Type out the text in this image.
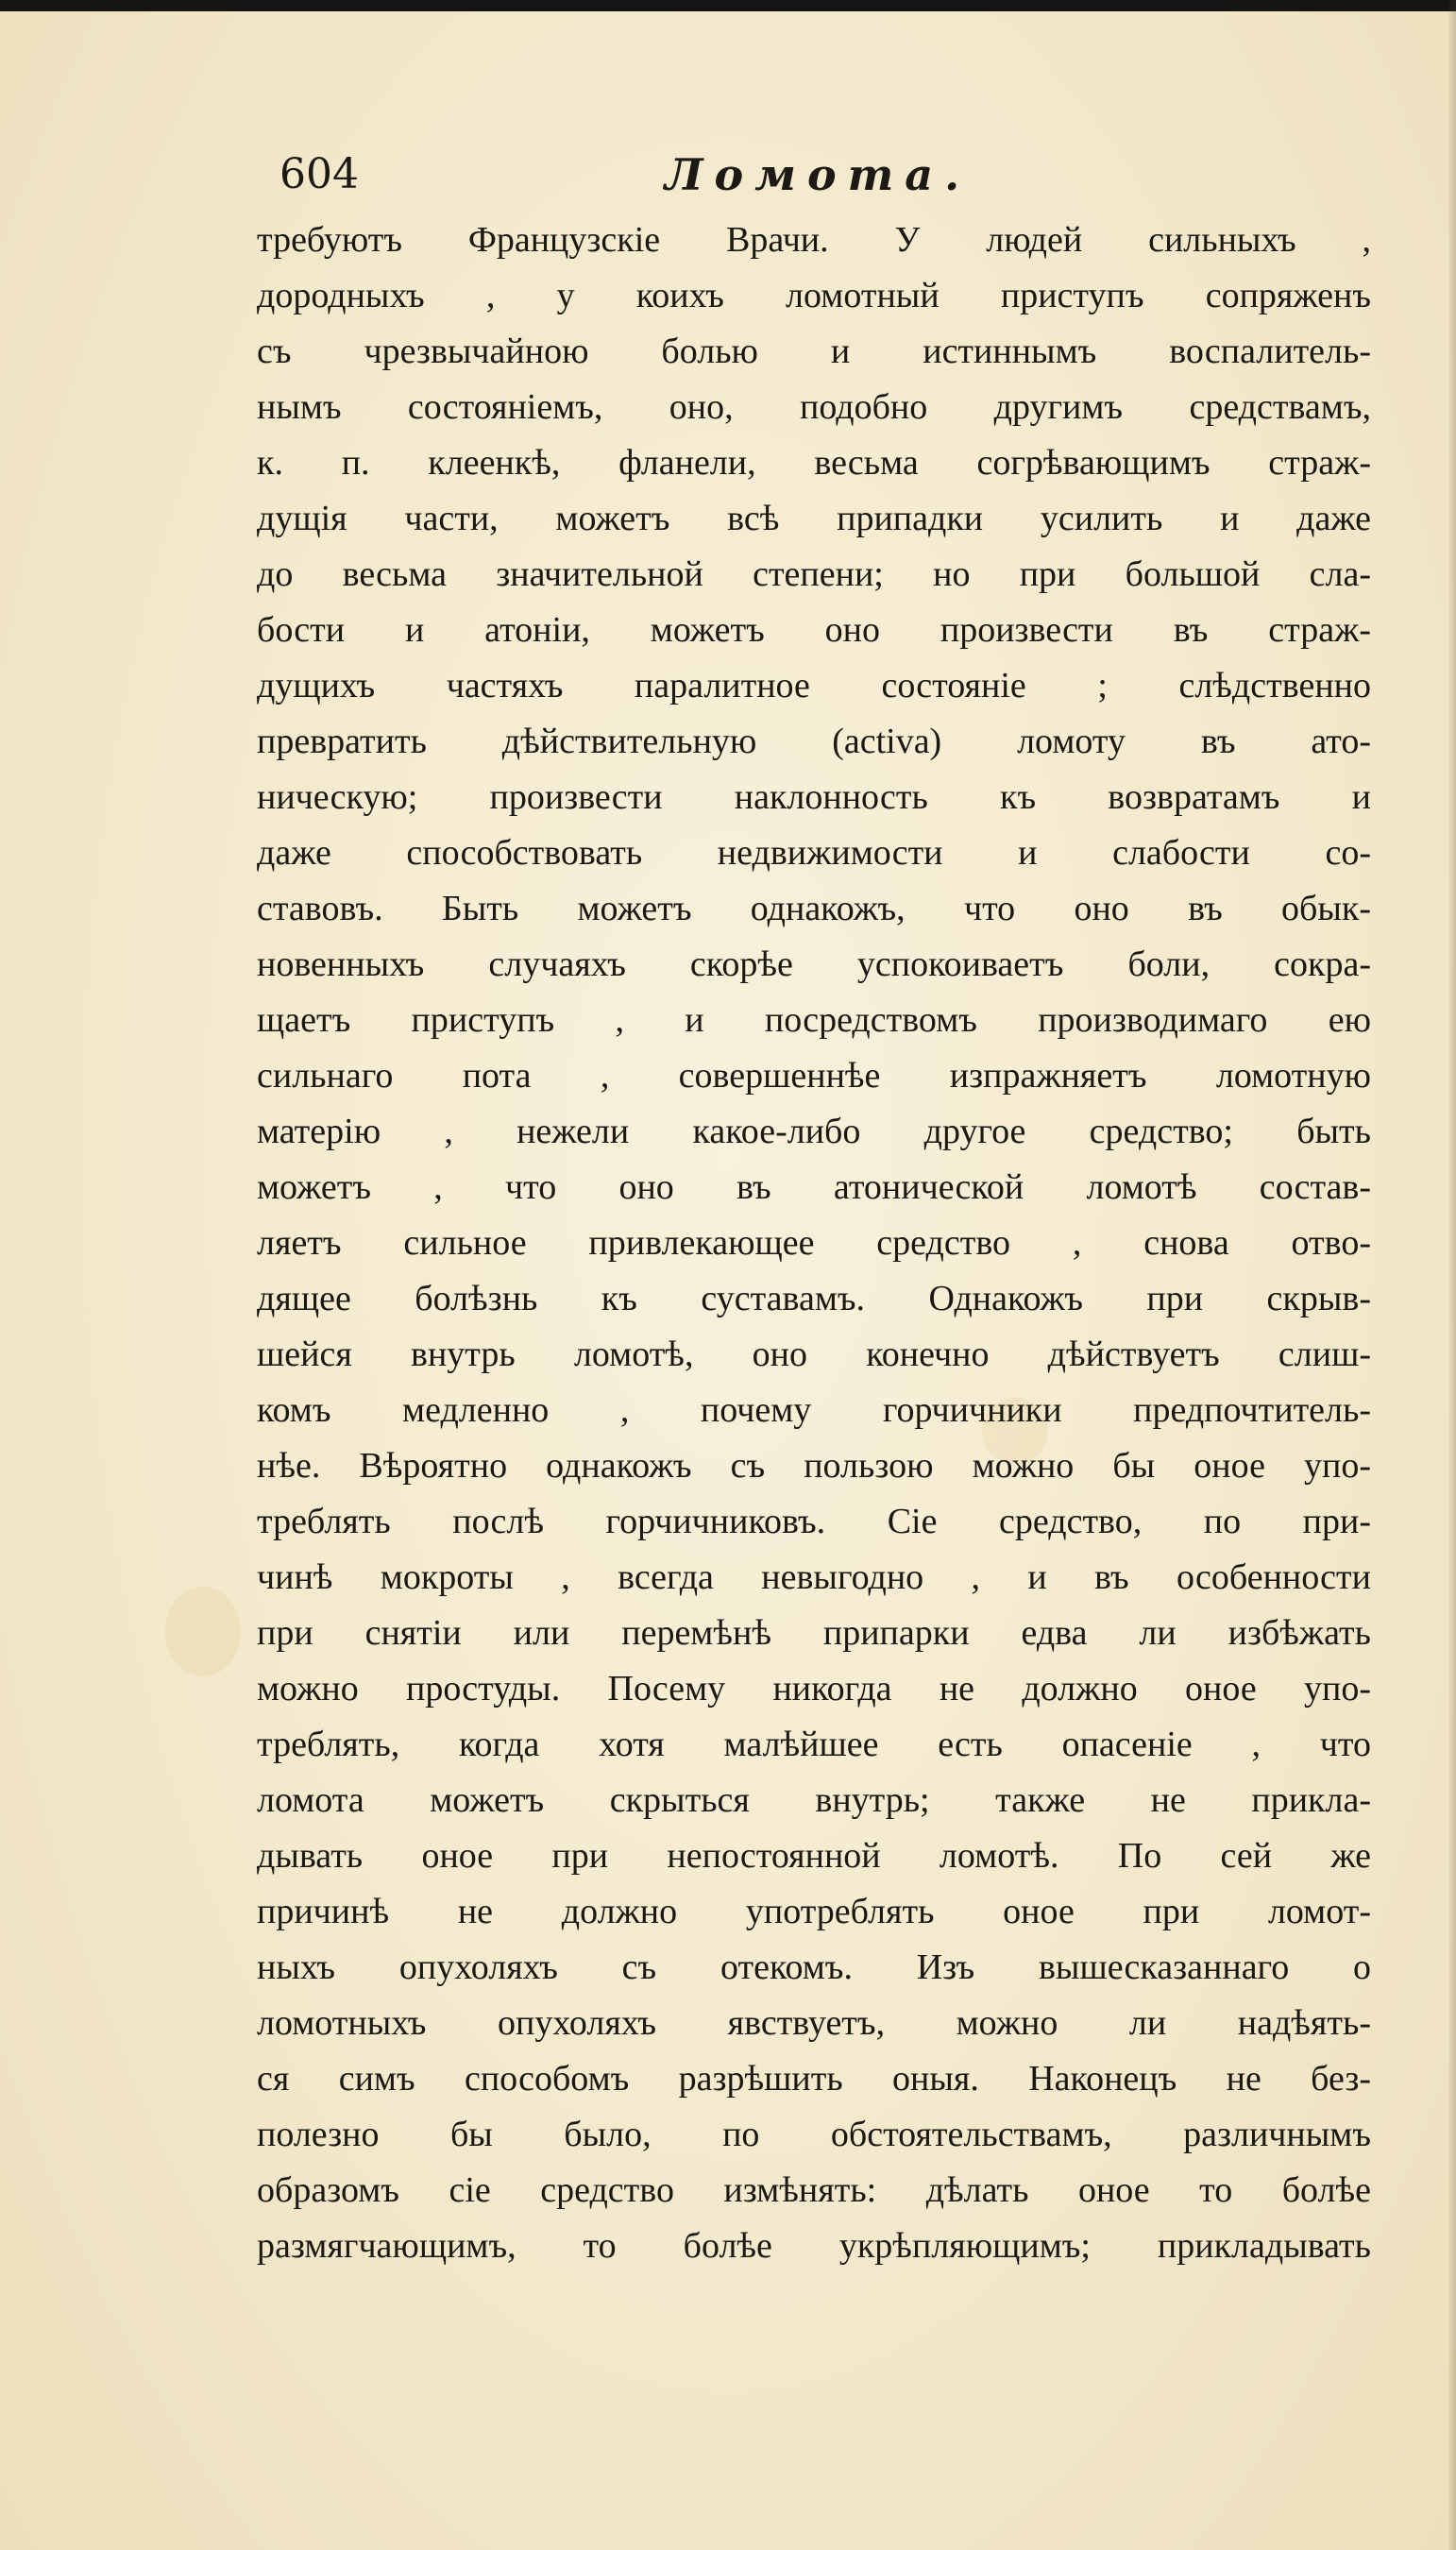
604	Ломота.
требуютъ Французскіе Врачи. У людей сильныхъ ,
дородныхъ , у коихъ ломотный приступъ сопряженъ
съ чрезвычайною болью и истиннымъ воспалитель-
нымъ состояніемъ, оно, подобно другимъ средствамъ,
к. п. клеенкѣ, фланели, весьма согрѣвающимъ страж-
дущія части, можетъ всѣ припадки усилить и даже
до весьма значительной степени; но при большой сла-
бости и атоніи, можетъ оно произвести въ страж-
дущихъ частяхъ паралитное состояніе ; слѣдственно
превратить дѣйствительную (activa) ломоту въ ато-
ническую; произвести наклонность къ возвратамъ и
даже способствовать недвижимости и слабости со-
ставовъ. Быть можетъ однакожъ, что оно въ обык-
новенныхъ случаяхъ скорѣе успокоиваетъ боли, сокра-
щаетъ приступъ , и посредствомъ производимаго ею
сильнаго пота , совершеннѣе изпражняетъ ломотную
матерію , нежели какое-либо другое средство; быть
можетъ , что оно въ атонической ломотѣ состав-
ляетъ сильное привлекающее средство , снова отво-
дящее болѣзнь къ суставамъ. Однакожъ при скрыв-
шейся внутрь ломотѣ, оно конечно дѣйствуетъ слиш-
комъ медленно , почему горчичники предпочтитель-
нѣе. Вѣроятно однакожъ съ пользою можно бы оное упо-
треблять послѣ горчичниковъ. Сіе средство, по при-
чинѣ мокроты , всегда невыгодно , и въ особенности
при снятіи или перемѣнѣ припарки едва ли избѣжать
можно простуды. Посему никогда не должно оное упо-
треблять, когда хотя малѣйшее есть опасеніе , что
ломота можетъ скрыться внутрь; также не прикла-
дывать оное при непостоянной ломотѣ. По сей же
причинѣ не должно употреблять оное при ломот-
ныхъ опухоляхъ съ отекомъ. Изъ вышесказаннаго о
ломотныхъ опухоляхъ явствуетъ, можно ли надѣять-
ся симъ способомъ разрѣшить оныя. Наконецъ не без-
полезно бы было, по обстоятельствамъ, различнымъ
образомъ сіе средство измѣнять: дѣлать оное то болѣе
размягчающимъ, то болѣе укрѣпляющимъ; прикладывать
